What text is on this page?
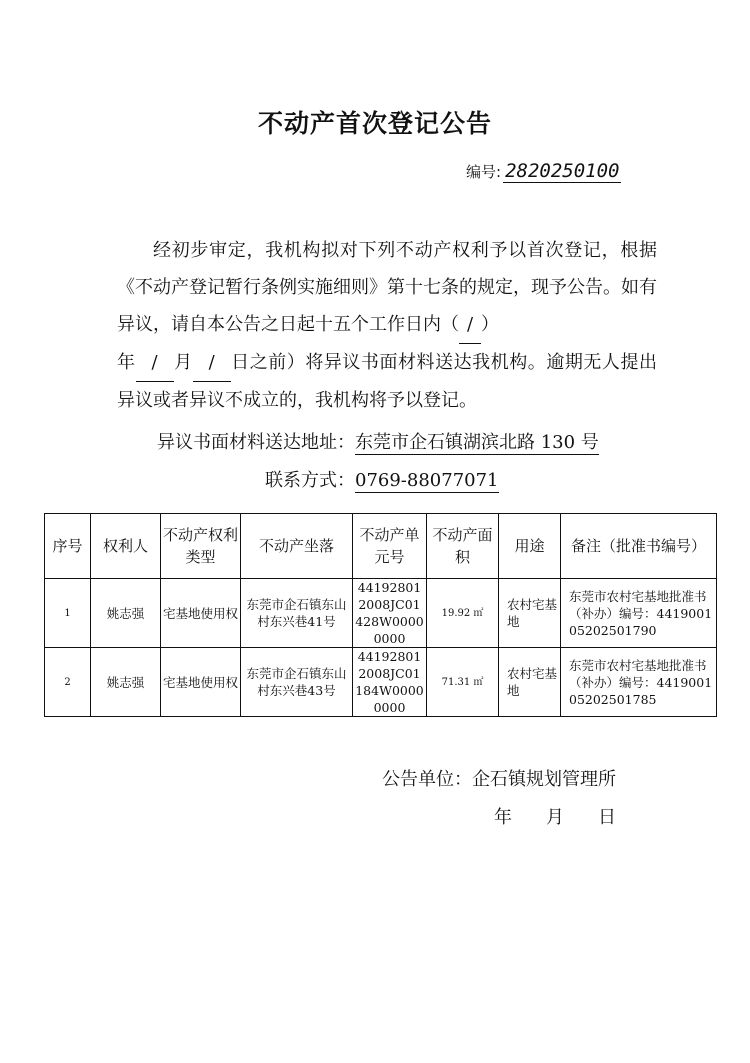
不动产首次登记公告
编号: 2820250100

经初步审定，我机构拟对下列不动产权利予以首次登记，根据《不动产登记暂行条例实施细则》第十七条的规定，现予公告。如有异议，请自本公告之日起十五个工作日内（ / ）
年 / 月 / 日之前）将异议书面材料送达我机构。逾期无人提出异议或者异议不成立的，我机构将予以登记。

异议书面材料送达地址：东莞市企石镇湖滨北路 130 号
联系方式：0769-88077071
序号	权利人	不动产权利类型	不动产坐落	不动产单元号	不动产面积	用途	备注（批准书编号）
1	姚志强	宅基地使用权	东莞市企石镇东山村东兴巷41号	441928012008JC01428W00000000	19.92 ㎡	农村宅基地	东莞市农村宅基地批准书（补办）编号：441900105202501790
2	姚志强	宅基地使用权	东莞市企石镇东山村东兴巷43号	441928012008JC01184W00000000	71.31 ㎡	农村宅基地	东莞市农村宅基地批准书（补办）编号：441900105202501785
公告单位：企石镇规划管理所
年 月 日
